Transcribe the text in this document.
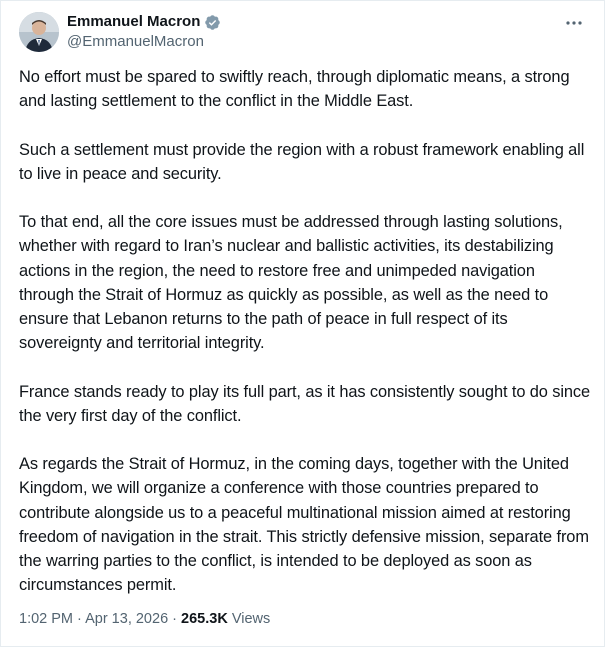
Emmanuel Macron
@EmmanuelMacron

No effort must be spared to swiftly reach, through diplomatic means, a strong and lasting settlement to the conflict in the Middle East.

Such a settlement must provide the region with a robust framework enabling all to live in peace and security.

To that end, all the core issues must be addressed through lasting solutions, whether with regard to Iran’s nuclear and ballistic activities, its destabilizing actions in the region, the need to restore free and unimpeded navigation through the Strait of Hormuz as quickly as possible, as well as the need to ensure that Lebanon returns to the path of peace in full respect of its sovereignty and territorial integrity.

France stands ready to play its full part, as it has consistently sought to do since the very first day of the conflict.

As regards the Strait of Hormuz, in the coming days, together with the United Kingdom, we will organize a conference with those countries prepared to contribute alongside us to a peaceful multinational mission aimed at restoring freedom of navigation in the strait. This strictly defensive mission, separate from the warring parties to the conflict, is intended to be deployed as soon as circumstances permit.

1:02 PM · Apr 13, 2026 · 265.3K Views
